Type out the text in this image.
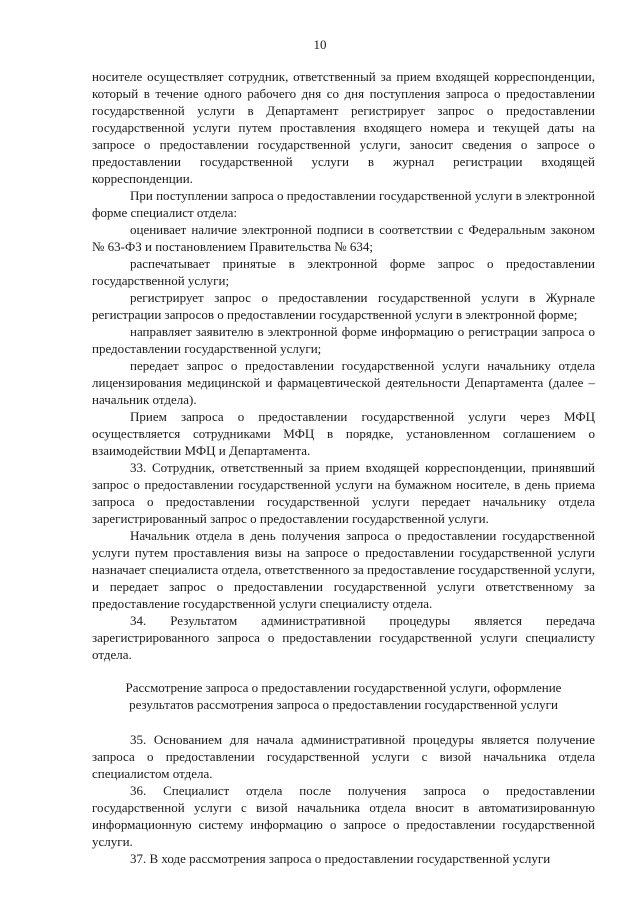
10

носителе осуществляет сотрудник, ответственный за прием входящей корреспонденции, который в течение одного рабочего дня со дня поступления запроса о предоставлении государственной услуги в Департамент регистрирует запрос о предоставлении государственной услуги путем проставления входящего номера и текущей даты на запросе о предоставлении государственной услуги, заносит сведения о запросе о предоставлении государственной услуги в журнал регистрации входящей корреспонденции.

При поступлении запроса о предоставлении государственной услуги в электронной форме специалист отдела:

оценивает наличие электронной подписи в соответствии с Федеральным законом № 63-ФЗ и постановлением Правительства № 634;

распечатывает принятые в электронной форме запрос о предоставлении государственной услуги;

регистрирует запрос о предоставлении государственной услуги в Журнале регистрации запросов о предоставлении государственной услуги в электронной форме;

направляет заявителю в электронной форме информацию о регистрации запроса о предоставлении государственной услуги;

передает запрос о предоставлении государственной услуги начальнику отдела лицензирования медицинской и фармацевтической деятельности Департамента (далее – начальник отдела).

Прием запроса о предоставлении государственной услуги через МФЦ осуществляется сотрудниками МФЦ в порядке, установленном соглашением о взаимодействии МФЦ и Департамента.

33. Сотрудник, ответственный за прием входящей корреспонденции, принявший запрос о предоставлении государственной услуги на бумажном носителе, в день приема запроса о предоставлении государственной услуги передает начальнику отдела зарегистрированный запрос о предоставлении государственной услуги.

Начальник отдела в день получения запроса о предоставлении государственной услуги путем проставления визы на запросе о предоставлении государственной услуги назначает специалиста отдела, ответственного за предоставление государственной услуги, и передает запрос о предоставлении государственной услуги ответственному за предоставление государственной услуги специалисту отдела.

34. Результатом административной процедуры является передача зарегистрированного запроса о предоставлении государственной услуги специалисту отдела.

Рассмотрение запроса о предоставлении государственной услуги, оформление результатов рассмотрения запроса о предоставлении государственной услуги

35. Основанием для начала административной процедуры является получение запроса о предоставлении государственной услуги с визой начальника отдела специалистом отдела.

36. Специалист отдела после получения запроса о предоставлении государственной услуги с визой начальника отдела вносит в автоматизированную информационную систему информацию о запросе о предоставлении государственной услуги.

37. В ходе рассмотрения запроса о предоставлении государственной услуги
